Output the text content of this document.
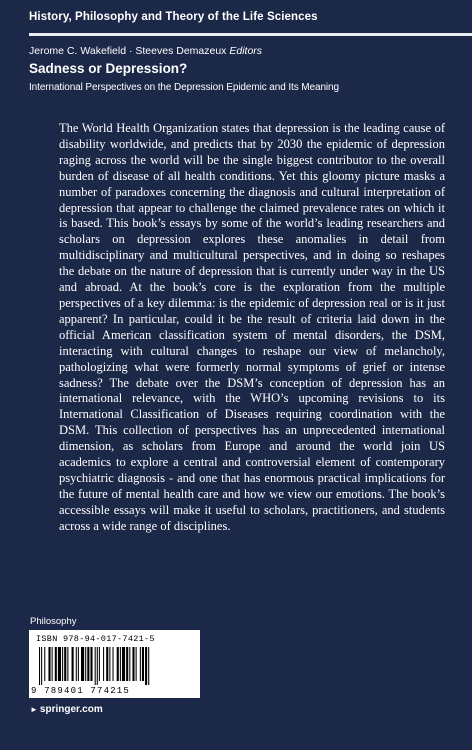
History, Philosophy and Theory of the Life Sciences
Jerome C. Wakefield · Steeves Demazeux Editors
Sadness or Depression?
International Perspectives on the Depression Epidemic and Its Meaning
The World Health Organization states that depression is the leading cause of disability worldwide, and predicts that by 2030 the epidemic of depression raging across the world will be the single biggest contributor to the overall burden of disease of all health conditions. Yet this gloomy picture masks a number of paradoxes concerning the diagnosis and cultural interpretation of depression that appear to challenge the claimed prevalence rates on which it is based. This book’s essays by some of the world’s leading researchers and scholars on depression explores these anomalies in detail from multidisciplinary and multicultural perspectives, and in doing so reshapes the debate on the nature of depression that is currently under way in the US and abroad. At the book’s core is the exploration from the multiple perspectives of a key dilemma: is the epidemic of depression real or is it just apparent? In particular, could it be the result of criteria laid down in the official American classification system of mental disorders, the DSM, interacting with cultural changes to reshape our view of melancholy, pathologizing what were formerly normal symptoms of grief or intense sadness? The debate over the DSM’s conception of depression has an international relevance, with the WHO’s upcoming revisions to its International Classification of Diseases requiring coordination with the DSM. This collection of perspectives has an unprecedented international dimension, as scholars from Europe and around the world join US academics to explore a central and controversial element of contemporary psychiatric diagnosis - and one that has enormous practical implications for the future of mental health care and how we view our emotions. The book’s accessible essays will make it useful to scholars, practitioners, and students across a wide range of disciplines.
Philosophy
ISBN 978-94-017-7421-5
9 789401 774215
► springer.com
